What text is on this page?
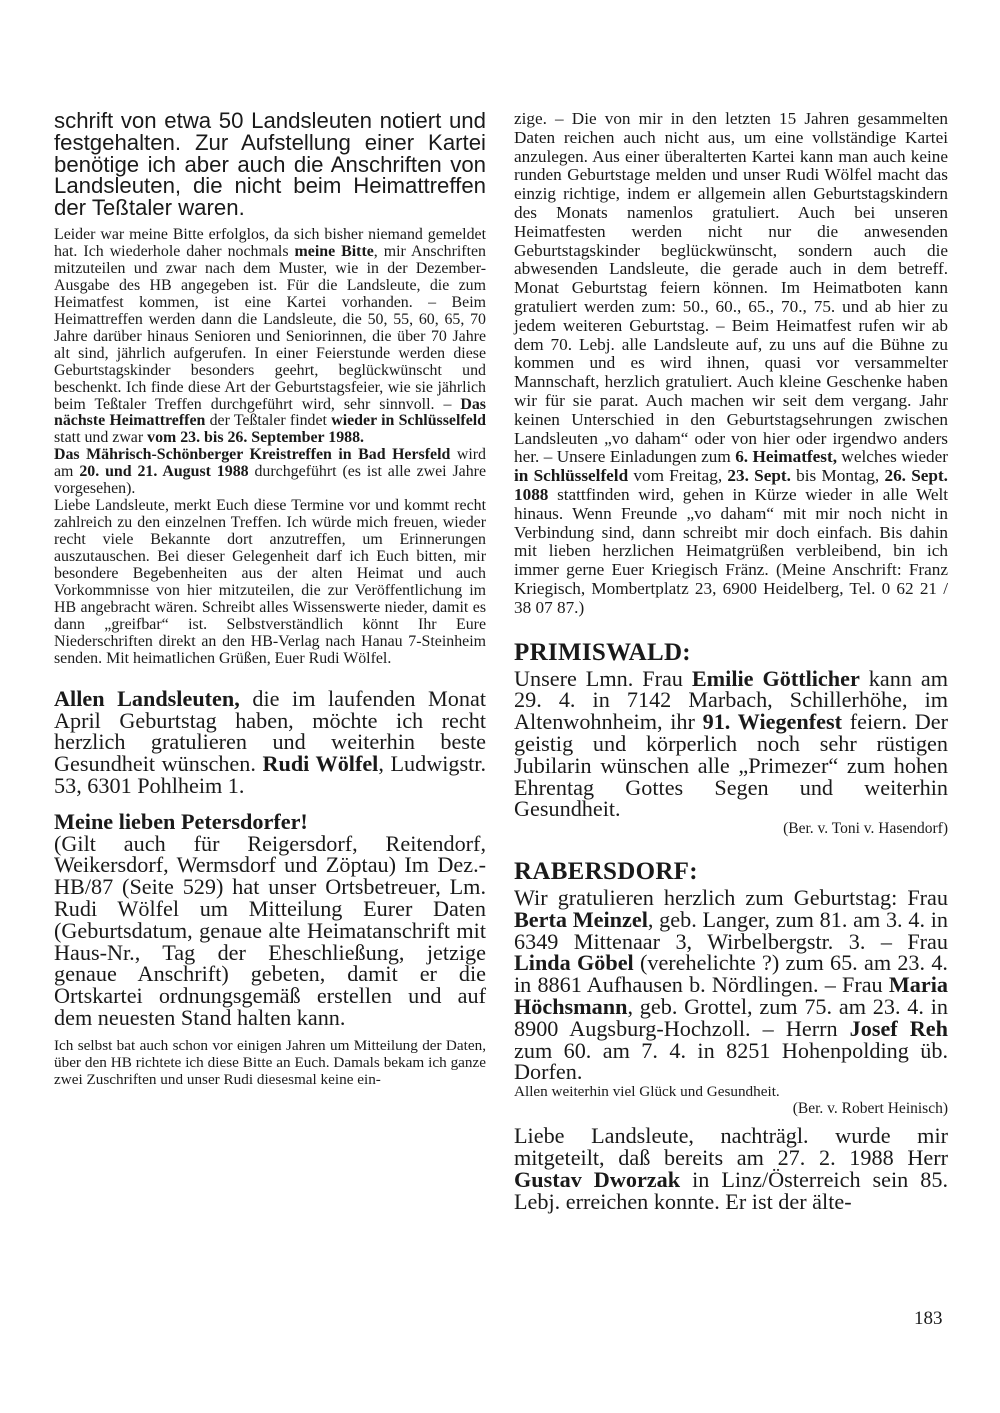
schrift von etwa 50 Landsleuten notiert und festgehalten. Zur Aufstellung einer Kartei benötige ich aber auch die Anschriften von Landsleuten, die nicht beim Heimattreffen der Teßtaler waren.

Leider war meine Bitte erfolglos, da sich bisher niemand gemeldet hat. Ich wiederhole daher nochmals meine Bitte, mir Anschriften mitzuteilen und zwar nach dem Muster, wie in der Dezember-Ausgabe des HB angegeben ist. Für die Landsleute, die zum Heimatfest kommen, ist eine Kartei vorhanden. – Beim Heimattreffen werden dann die Landsleute, die 50, 55, 60, 65, 70 Jahre darüber hinaus Senioren und Seniorinnen, die über 70 Jahre alt sind, jährlich aufgerufen. In einer Feierstunde werden diese Geburtstagskinder besonders geehrt, beglückwünscht und beschenkt. Ich finde diese Art der Geburtstagsfeier, wie sie jährlich beim Teßtaler Treffen durchgeführt wird, sehr sinnvoll. – Das nächste Heimattreffen der Teßtaler findet wieder in Schlüsselfeld statt und zwar vom 23. bis 26. September 1988.

Das Mährisch-Schönberger Kreistreffen in Bad Hersfeld wird am 20. und 21. August 1988 durchgeführt (es ist alle zwei Jahre vorgesehen).

Liebe Landsleute, merkt Euch diese Termine vor und kommt recht zahlreich zu den einzelnen Treffen. Ich würde mich freuen, wieder recht viele Bekannte dort anzutreffen, um Erinnerungen auszutauschen. Bei dieser Gelegenheit darf ich Euch bitten, mir besondere Begebenheiten aus der alten Heimat und auch Vorkommnisse von hier mitzuteilen, die zur Veröffentlichung im HB angebracht wären. Schreibt alles Wissenswerte nieder, damit es dann „greifbar“ ist. Selbstverständlich könnt Ihr Eure Niederschriften direkt an den HB-Verlag nach Hanau 7-Steinheim senden. Mit heimatlichen Grüßen, Euer Rudi Wölfel.

Allen Landsleuten, die im laufenden Monat April Geburtstag haben, möchte ich recht herzlich gratulieren und weiterhin beste Gesundheit wünschen. Rudi Wölfel, Ludwigstr. 53, 6301 Pohlheim 1.

Meine lieben Petersdorfer!

(Gilt auch für Reigersdorf, Reitendorf, Weikersdorf, Wermsdorf und Zöptau) Im Dez.-HB/87 (Seite 529) hat unser Ortsbetreuer, Lm. Rudi Wölfel um Mitteilung Eurer Daten (Geburtsdatum, genaue alte Heimatanschrift mit Haus-Nr., Tag der Eheschließung, jetzige genaue Anschrift) gebeten, damit er die Ortskartei ordnungsgemäß erstellen und auf dem neuesten Stand halten kann.

Ich selbst bat auch schon vor einigen Jahren um Mitteilung der Daten, über den HB richtete ich diese Bitte an Euch. Damals bekam ich ganze zwei Zuschriften und unser Rudi diesesmal keine ein-

zige. – Die von mir in den letzten 15 Jahren gesammelten Daten reichen auch nicht aus, um eine vollständige Kartei anzulegen. Aus einer überalterten Kartei kann man auch keine runden Geburtstage melden und unser Rudi Wölfel macht das einzig richtige, indem er allgemein allen Geburtstagskindern des Monats namenlos gratuliert. Auch bei unseren Heimatfesten werden nicht nur die anwesenden Geburtstagskinder beglückwünscht, sondern auch die abwesenden Landsleute, die gerade auch in dem betreff. Monat Geburtstag feiern können. Im Heimatboten kann gratuliert werden zum: 50., 60., 65., 70., 75. und ab hier zu jedem weiteren Geburtstag. – Beim Heimatfest rufen wir ab dem 70. Lebj. alle Landsleute auf, zu uns auf die Bühne zu kommen und es wird ihnen, quasi vor versammelter Mannschaft, herzlich gratuliert. Auch kleine Geschenke haben wir für sie parat. Auch machen wir seit dem vergang. Jahr keinen Unterschied in den Geburtstagsehrungen zwischen Landsleuten „vo daham“ oder von hier oder irgendwo anders her. – Unsere Einladungen zum 6. Heimatfest, welches wieder in Schlüsselfeld vom Freitag, 23. Sept. bis Montag, 26. Sept. 1088 stattfinden wird, gehen in Kürze wieder in alle Welt hinaus. Wenn Freunde „vo daham“ mit mir noch nicht in Verbindung sind, dann schreibt mir doch einfach. Bis dahin mit lieben herzlichen Heimatgrüßen verbleibend, bin ich immer gerne Euer Kriegisch Fränz. (Meine Anschrift: Franz Kriegisch, Mombertplatz 23, 6900 Heidelberg, Tel. 0 62 21 / 38 07 87.)

PRIMISWALD:

Unsere Lmn. Frau Emilie Göttlicher kann am 29. 4. in 7142 Marbach, Schillerhöhe, im Altenwohnheim, ihr 91. Wiegenfest feiern. Der geistig und körperlich noch sehr rüstigen Jubilarin wünschen alle „Primezer“ zum hohen Ehrentag Gottes Segen und weiterhin Gesundheit.

(Ber. v. Toni v. Hasendorf)

RABERSDORF:

Wir gratulieren herzlich zum Geburtstag: Frau Berta Meinzel, geb. Langer, zum 81. am 3. 4. in 6349 Mittenaar 3, Wirbelbergstr. 3. – Frau Linda Göbel (verehelichte ?) zum 65. am 23. 4. in 8861 Aufhausen b. Nördlingen. – Frau Maria Höchsmann, geb. Grottel, zum 75. am 23. 4. in 8900 Augsburg-Hochzoll. – Herrn Josef Reh zum 60. am 7. 4. in 8251 Hohenpolding üb. Dorfen.

Allen weiterhin viel Glück und Gesundheit.

(Ber. v. Robert Heinisch)

Liebe Landsleute, nachträgl. wurde mir mitgeteilt, daß bereits am 27. 2. 1988 Herr Gustav Dworzak in Linz/Österreich sein 85. Lebj. erreichen konnte. Er ist der älte-

183
